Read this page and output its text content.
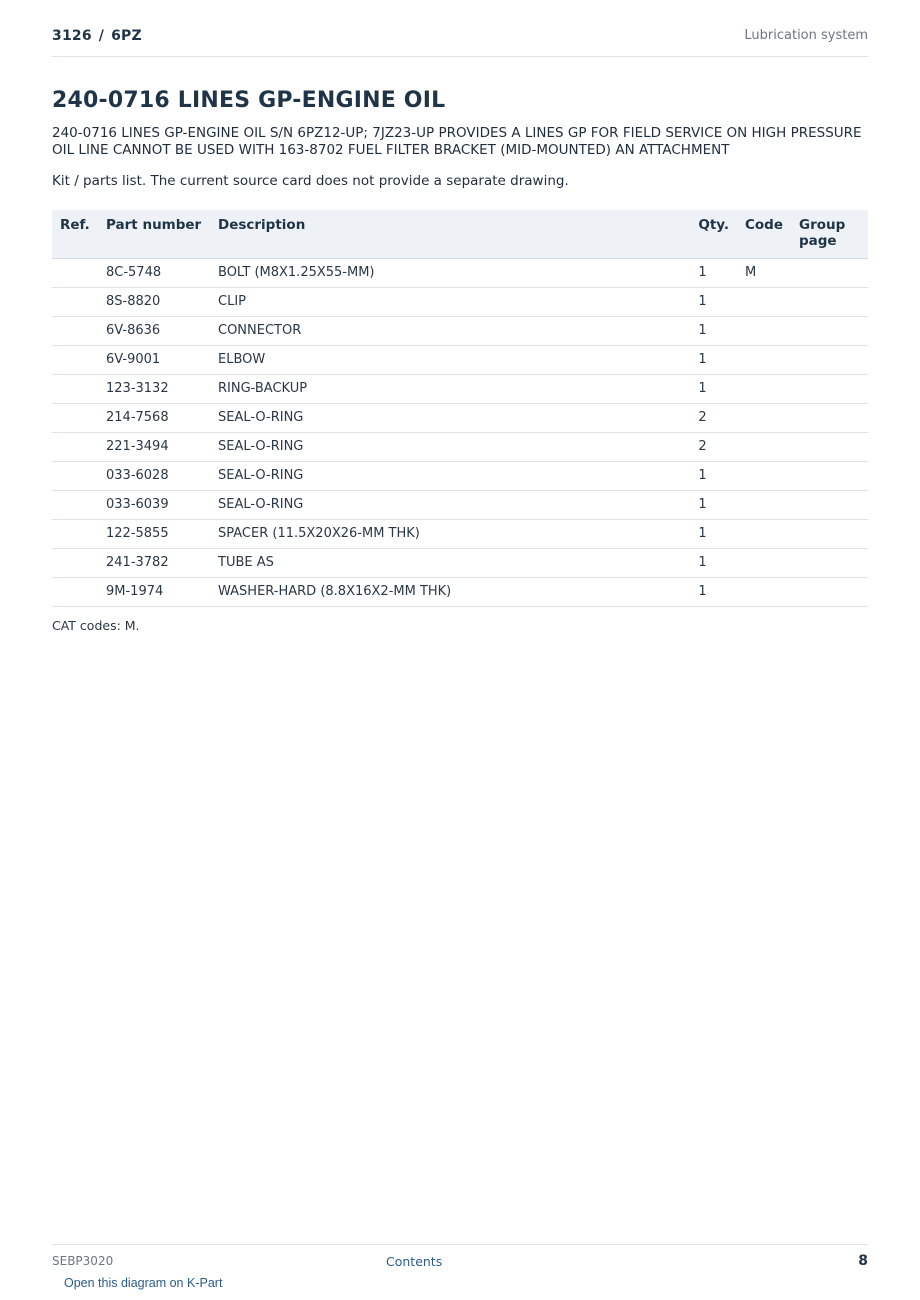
3126 / 6PZ	Lubrication system
240-0716 LINES GP-ENGINE OIL

240-0716 LINES GP-ENGINE OIL S/N 6PZ12-UP; 7JZ23-UP PROVIDES A LINES GP FOR FIELD SERVICE ON HIGH PRESSURE OIL LINE CANNOT BE USED WITH 163-8702 FUEL FILTER BRACKET (MID-MOUNTED) AN ATTACHMENT

Kit / parts list. The current source card does not provide a separate drawing.

Ref.	Part number	Description	Qty.	Code	Group page
	8C-5748	BOLT (M8X1.25X55-MM)	1	M	
	8S-8820	CLIP	1		
	6V-8636	CONNECTOR	1		
	6V-9001	ELBOW	1		
	123-3132	RING-BACKUP	1		
	214-7568	SEAL-O-RING	2		
	221-3494	SEAL-O-RING	2		
	033-6028	SEAL-O-RING	1		
	033-6039	SEAL-O-RING	1		
	122-5855	SPACER (11.5X20X26-MM THK)	1		
	241-3782	TUBE AS	1		
	9M-1974	WASHER-HARD (8.8X16X2-MM THK)	1		
CAT codes: M.
SEBP3020	Contents	8
Open this diagram on K-Part
